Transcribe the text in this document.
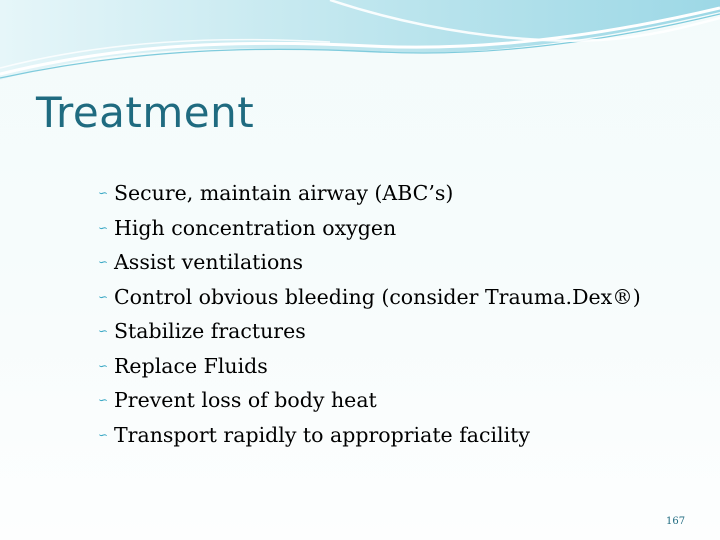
Treatment
∽ Secure, maintain airway (ABC’s)
∽ High concentration oxygen
∽ Assist ventilations
∽ Control obvious bleeding (consider Trauma.Dex®)
∽ Stabilize fractures
∽ Replace Fluids
∽ Prevent loss of body heat
∽ Transport rapidly to appropriate facility
167
